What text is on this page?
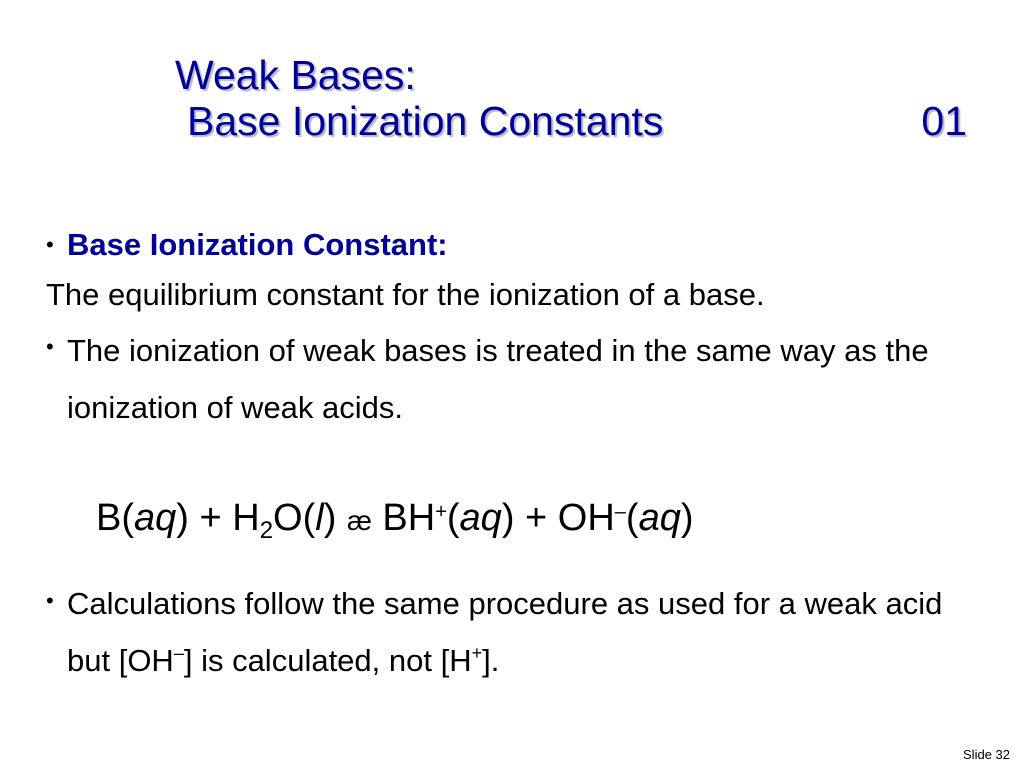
Weak Bases:
Base Ionization Constants	01
• Base Ionization Constant:
The equilibrium constant for the ionization of a base.
• The ionization of weak bases is treated in the same way as the ionization of weak acids.
$B(aq) + H_2O(l)$ æ BH+(aq) + OH–(aq)
• Calculations follow the same procedure as used for a weak acid but [OH–] is calculated, not [H+].
Slide 32
